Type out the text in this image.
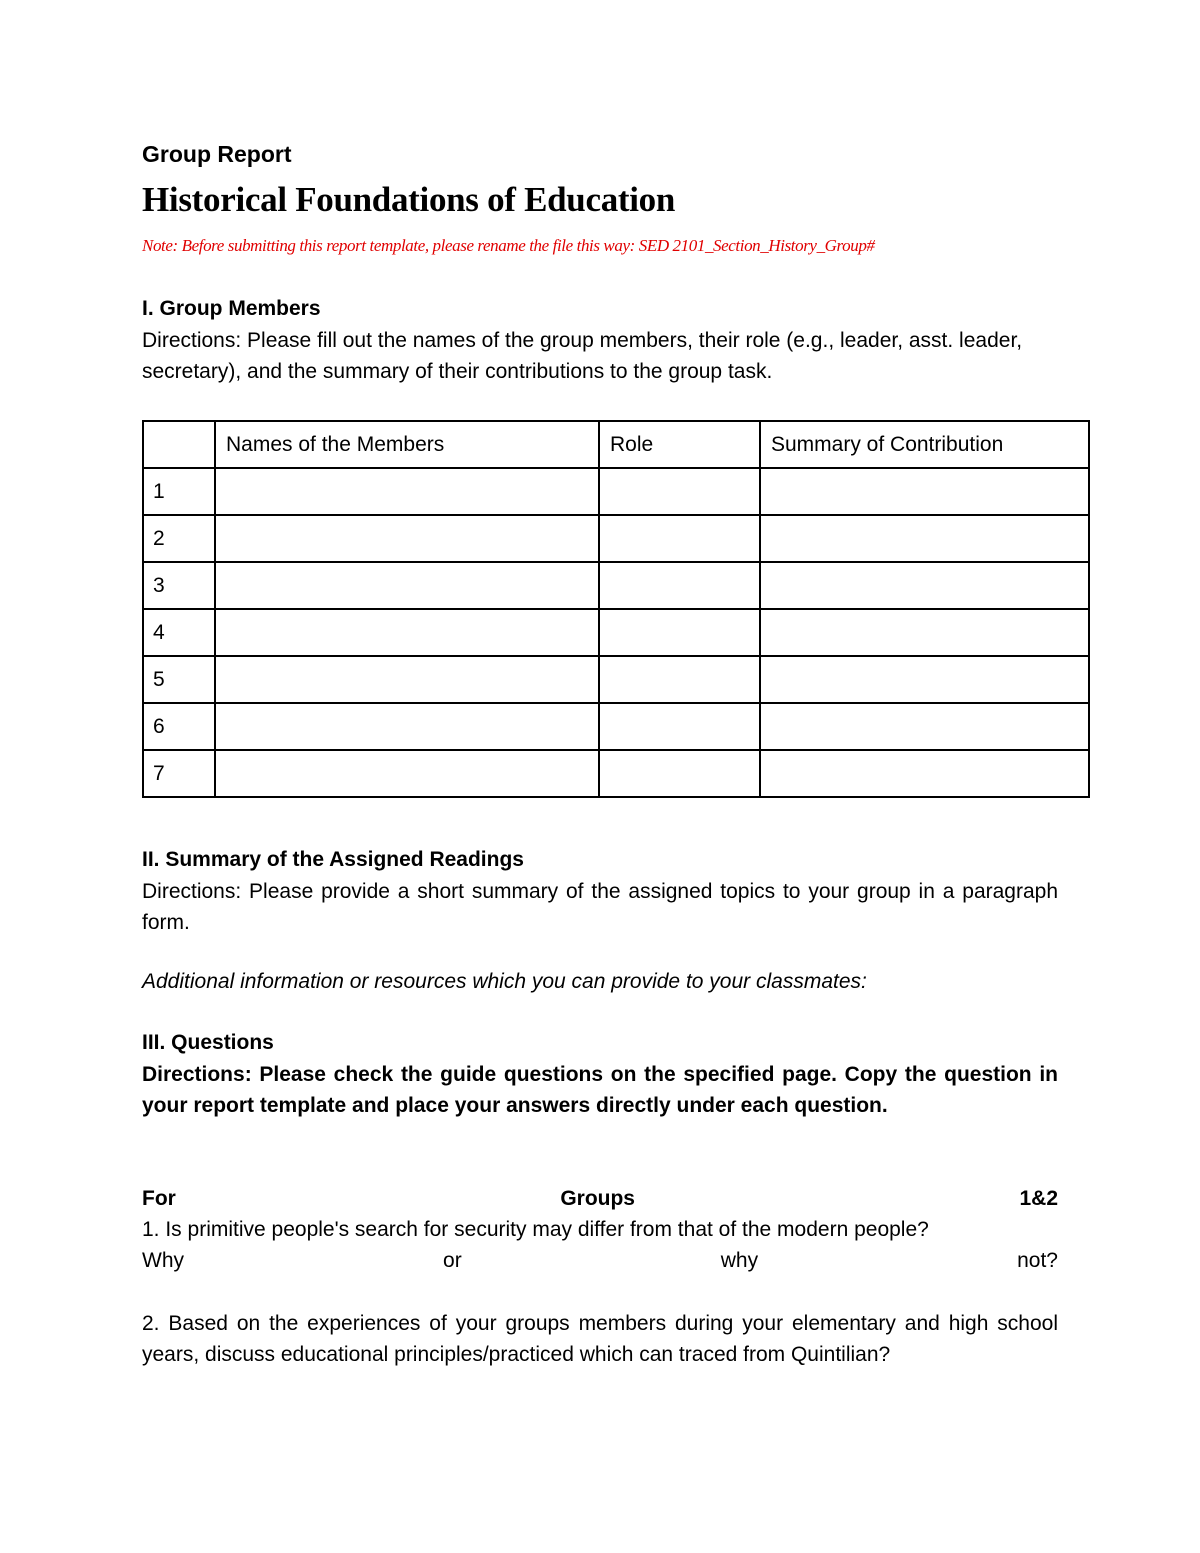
Group Report
Historical Foundations of Education
Note: Before submitting this report template, please rename the file this way: SED 2101_Section_History_Group#
I. Group Members
Directions: Please fill out the names of the group members, their role (e.g., leader, asst. leader, secretary), and the summary of their contributions to the group task.
	Names of the Members	Role	Summary of Contribution
1			
2			
3			
4			
5			
6			
7			
II. Summary of the Assigned Readings
Directions: Please provide a short summary of the assigned topics to your group in a paragraph form.
Additional information or resources which you can provide to your classmates:
III. Questions
Directions: Please check the guide questions on the specified page. Copy the question in your report template and place your answers directly under each question.
For	Groups	1&2
1. Is primitive people's search for security may differ from that of the modern people?
Why	or	why	not?
2. Based on the experiences of your groups members during your elementary and high school years, discuss educational principles/practiced which can traced from Quintilian?
